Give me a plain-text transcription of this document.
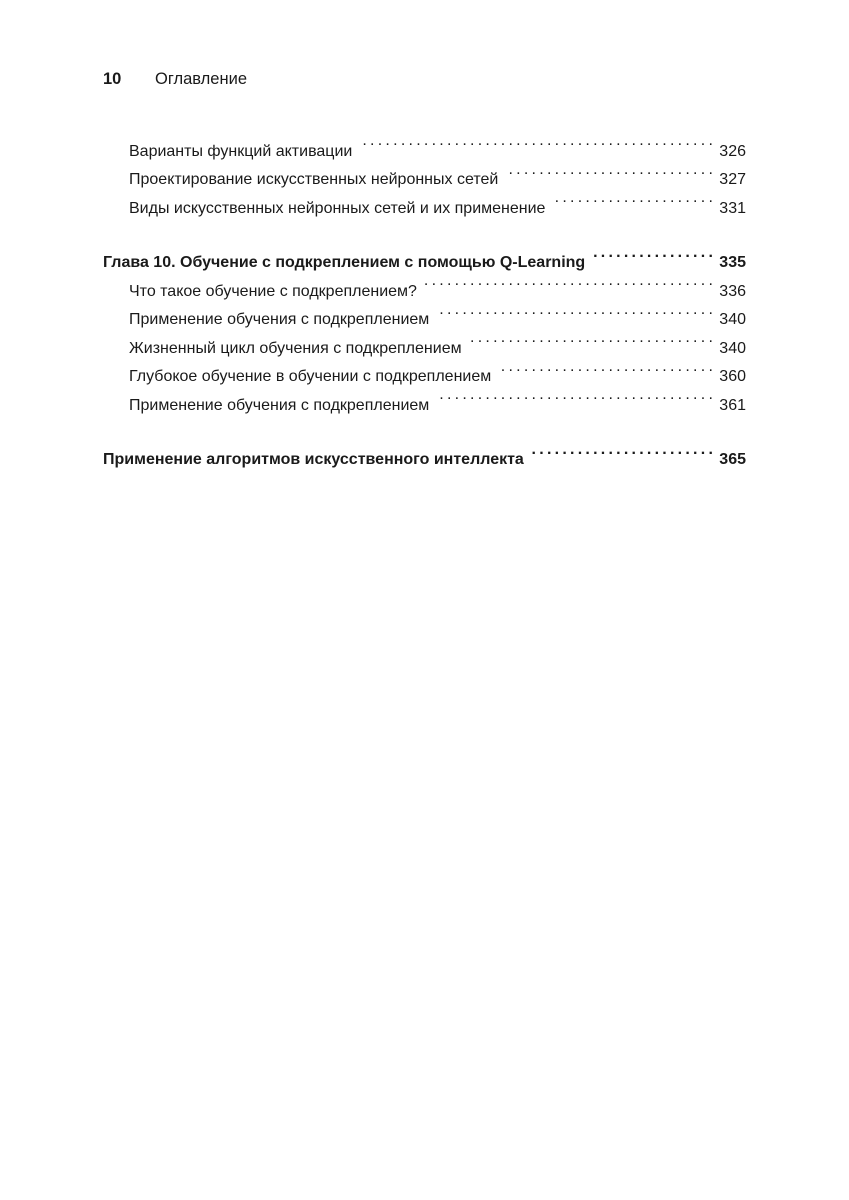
10	Оглавление
Варианты функций активации . . .	326
Проектирование искусственных нейронных сетей . . .	327
Виды искусственных нейронных сетей и их применение . . .	331
Глава 10. Обучение с подкреплением с помощью Q-Learning . . .	335
Что такое обучение с подкреплением? . . .	336
Применение обучения с подкреплением . . .	340
Жизненный цикл обучения с подкреплением . . .	340
Глубокое обучение в обучении с подкреплением . . .	360
Применение обучения с подкреплением . . .	361
Применение алгоритмов искусственного интеллекта . . .	365
